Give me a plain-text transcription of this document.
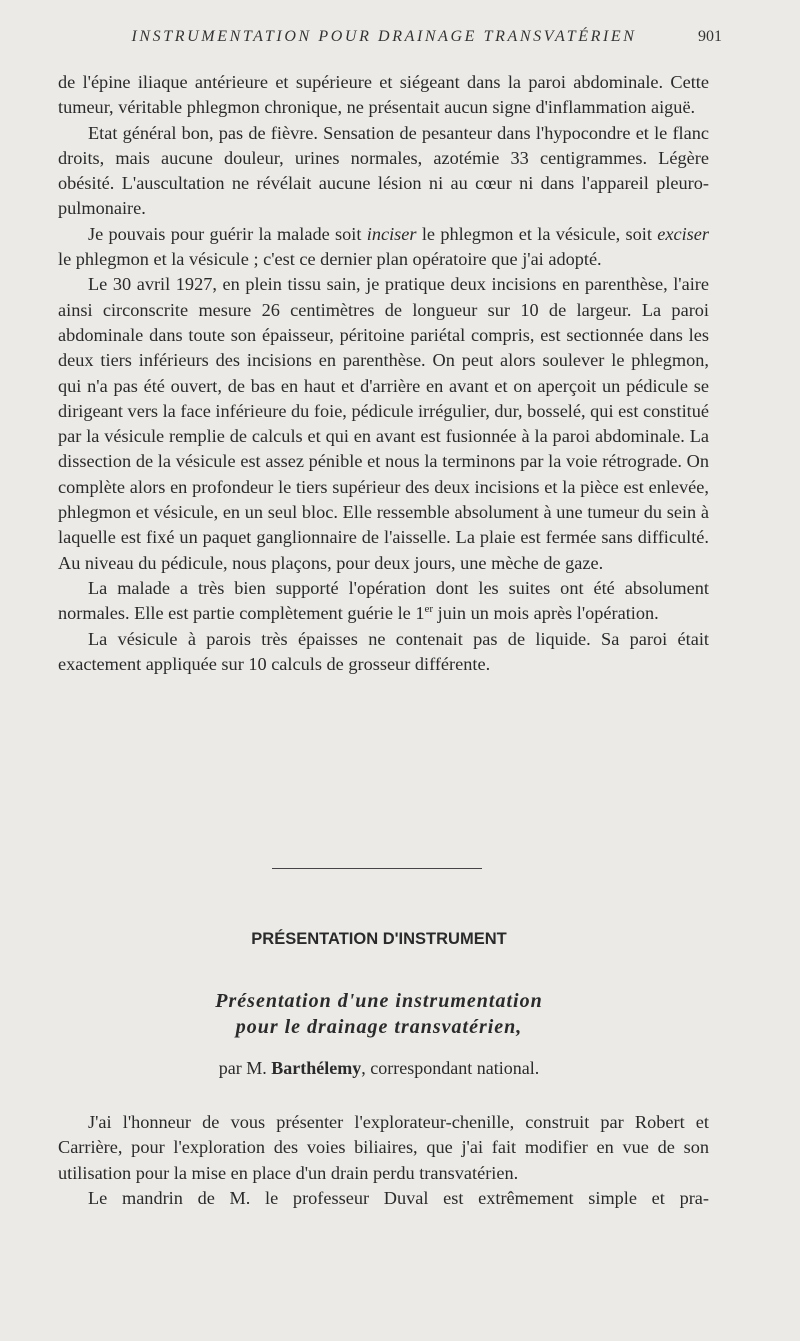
INSTRUMENTATION POUR DRAINAGE TRANSVATÉRIEN	901

de l'épine iliaque antérieure et supérieure et siégeant dans la paroi abdominale. Cette tumeur, véritable phlegmon chronique, ne présentait aucun signe d'inflammation aiguë.

Etat général bon, pas de fièvre. Sensation de pesanteur dans l'hypocondre et le flanc droits, mais aucune douleur, urines normales, azotémie 33 centigrammes. Légère obésité. L'auscultation ne révélait aucune lésion ni au cœur ni dans l'appareil pleuro-pulmonaire.

Je pouvais pour guérir la malade soit inciser le phlegmon et la vésicule, soit exciser le phlegmon et la vésicule ; c'est ce dernier plan opératoire que j'ai adopté.

Le 30 avril 1927, en plein tissu sain, je pratique deux incisions en parenthèse, l'aire ainsi circonscrite mesure 26 centimètres de longueur sur 10 de largeur. La paroi abdominale dans toute son épaisseur, péritoine pariétal compris, est sectionnée dans les deux tiers inférieurs des incisions en parenthèse. On peut alors soulever le phlegmon, qui n'a pas été ouvert, de bas en haut et d'arrière en avant et on aperçoit un pédicule se dirigeant vers la face inférieure du foie, pédicule irrégulier, dur, bosselé, qui est constitué par la vésicule remplie de calculs et qui en avant est fusionnée à la paroi abdominale. La dissection de la vésicule est assez pénible et nous la terminons par la voie rétrograde. On complète alors en profondeur le tiers supérieur des deux incisions et la pièce est enlevée, phlegmon et vésicule, en un seul bloc. Elle ressemble absolument à une tumeur du sein à laquelle est fixé un paquet ganglionnaire de l'aisselle. La plaie est fermée sans difficulté. Au niveau du pédicule, nous plaçons, pour deux jours, une mèche de gaze.

La malade a très bien supporté l'opération dont les suites ont été absolument normales. Elle est partie complètement guérie le 1er juin un mois après l'opération.

La vésicule à parois très épaisses ne contenait pas de liquide. Sa paroi était exactement appliquée sur 10 calculs de grosseur différente.

PRÉSENTATION D'INSTRUMENT
Présentation d'une instrumentation
pour le drainage transvatérien,
par M. Barthélemy, correspondant national.

J'ai l'honneur de vous présenter l'explorateur-chenille, construit par Robert et Carrière, pour l'exploration des voies biliaires, que j'ai fait modifier en vue de son utilisation pour la mise en place d'un drain perdu transvatérien.

Le mandrin de M. le professeur Duval est extrêmement simple et pra-
